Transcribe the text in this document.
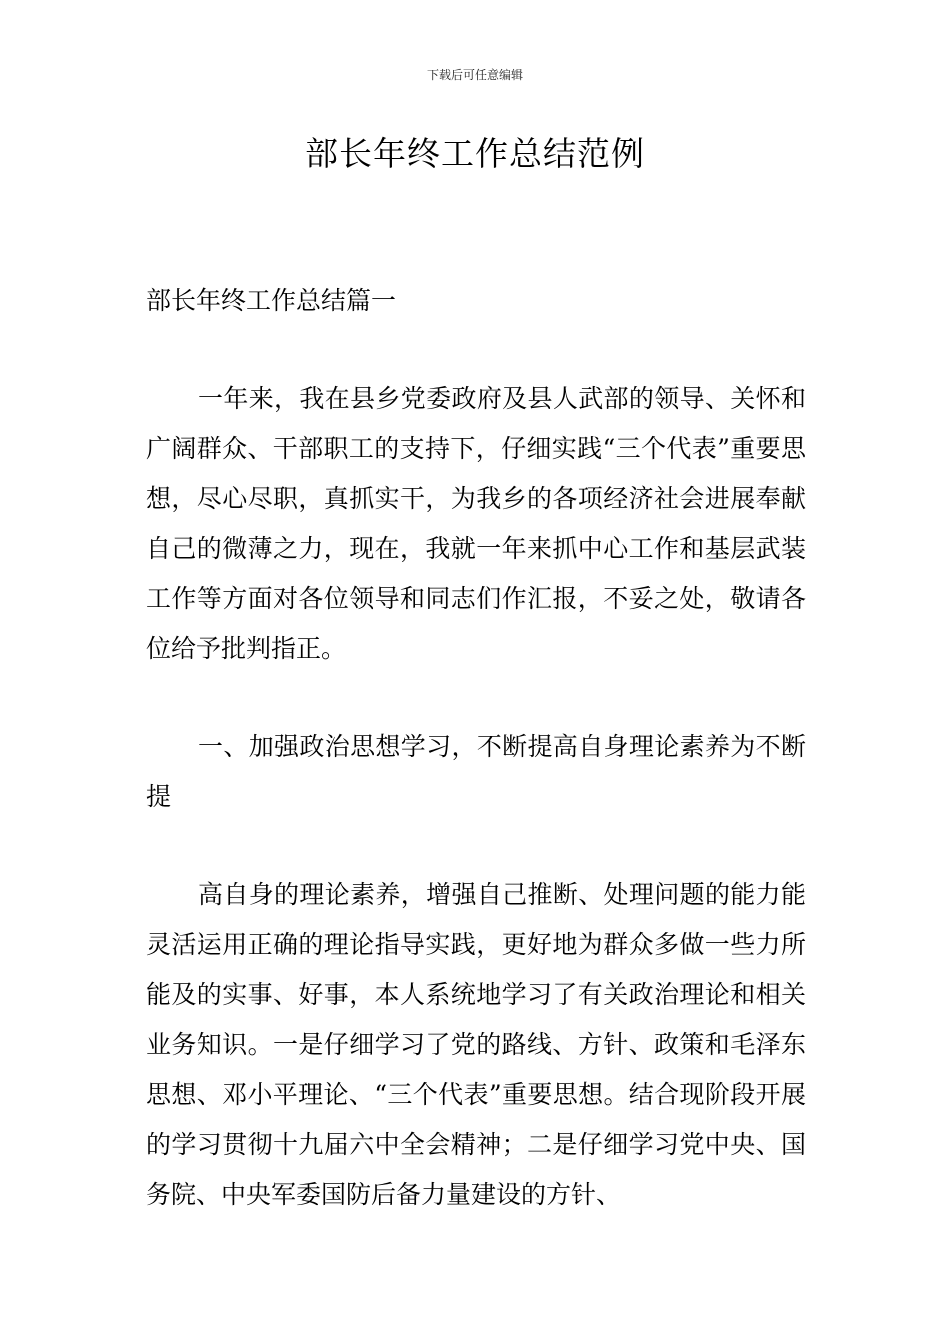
下载后可任意编辑
部长年终工作总结范例

部长年终工作总结篇一

一年来，我在县乡党委政府及县人武部的领导、关怀和广阔群众、干部职工的支持下，仔细实践“三个代表”重要思想，尽心尽职，真抓实干，为我乡的各项经济社会进展奉献自己的微薄之力，现在，我就一年来抓中心工作和基层武装工作等方面对各位领导和同志们作汇报，不妥之处，敬请各位给予批判指正。

一、加强政治思想学习，不断提高自身理论素养为不断提

高自身的理论素养，增强自己推断、处理问题的能力能灵活运用正确的理论指导实践，更好地为群众多做一些力所能及的实事、好事，本人系统地学习了有关政治理论和相关业务知识。一是仔细学习了党的路线、方针、政策和毛泽东思想、邓小平理论、“三个代表”重要思想。结合现阶段开展的学习贯彻十九届六中全会精神；二是仔细学习党中央、国务院、中央军委国防后备力量建设的方针、
